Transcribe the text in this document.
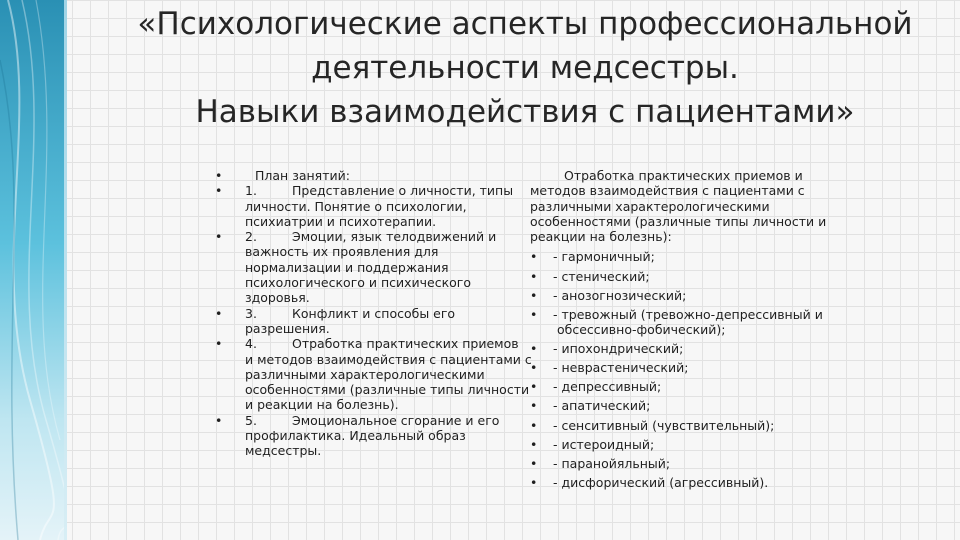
«Психологические аспекты профессиональной
деятельности медсестры.
Навыки взаимодействия с пациентами»
•	План занятий:
•	1.	Представление о личности, типы
личности. Понятие о психологии, психиатрии и психотерапии.
•	2.	Эмоции, язык телодвижений и
важность их проявления для нормализации и поддержания психологического и психического здоровья.
•	3.	Конфликт и способы его
разрешения.
•	4.	Отработка практических приемов
и методов взаимодействия с пациентами с различными характерологическими особенностями (различные типы личности и реакции на болезнь).
•	5.	Эмоциональное сгорание и его
профилактика. Идеальный образ медсестры.
Отработка практических приемов и
методов взаимодействия с пациентами с различными характерологическими особенностями (различные типы личности и реакции на болезнь):
• - гармоничный;
• - стенический;
• - анозогнозический;
• - тревожный (тревожно-депрессивный и
обсессивно-фобический);
• - ипохондрический;
• - неврастенический;
• - депрессивный;
• - апатический;
• - сенситивный (чувствительный);
• - истероидный;
• - паранойяльный;
• - дисфорический (агрессивный).
